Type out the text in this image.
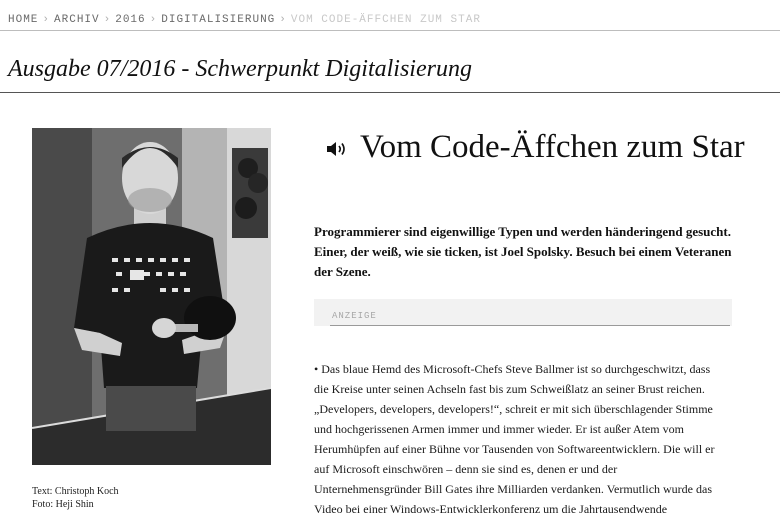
HOME › ARCHIV › 2016 › DIGITALISIERUNG › VOM CODE-ÄFFCHEN ZUM STAR
Ausgabe 07/2016 - Schwerpunkt Digitalisierung
Text: Christoph Koch
Foto: Heji Shin
Vom Code-Äffchen zum Star

Programmierer sind eigenwillige Typen und werden händeringend gesucht. Einer, der weiß, wie sie ticken, ist Joel Spolsky. Besuch bei einem Veteranen der Szene.

ANZEIGE
• Das blaue Hemd des Microsoft-Chefs Steve Ballmer ist so durchgeschwitzt, dass
die Kreise unter seinen Achseln fast bis zum Schweißlatz an seiner Brust reichen.
„Developers, developers, developers!“, schreit er mit sich überschlagender Stimme
und hochgerissenen Armen immer und immer wieder. Er ist außer Atem vom
Herumhüpfen auf einer Bühne vor Tausenden von Softwareentwicklern. Die will er
auf Microsoft einschwören – denn sie sind es, denen er und der
Unternehmensgründer Bill Gates ihre Milliarden verdanken. Vermutlich wurde das
Video bei einer Windows-Entwicklerkonferenz um die Jahrtausendwende
